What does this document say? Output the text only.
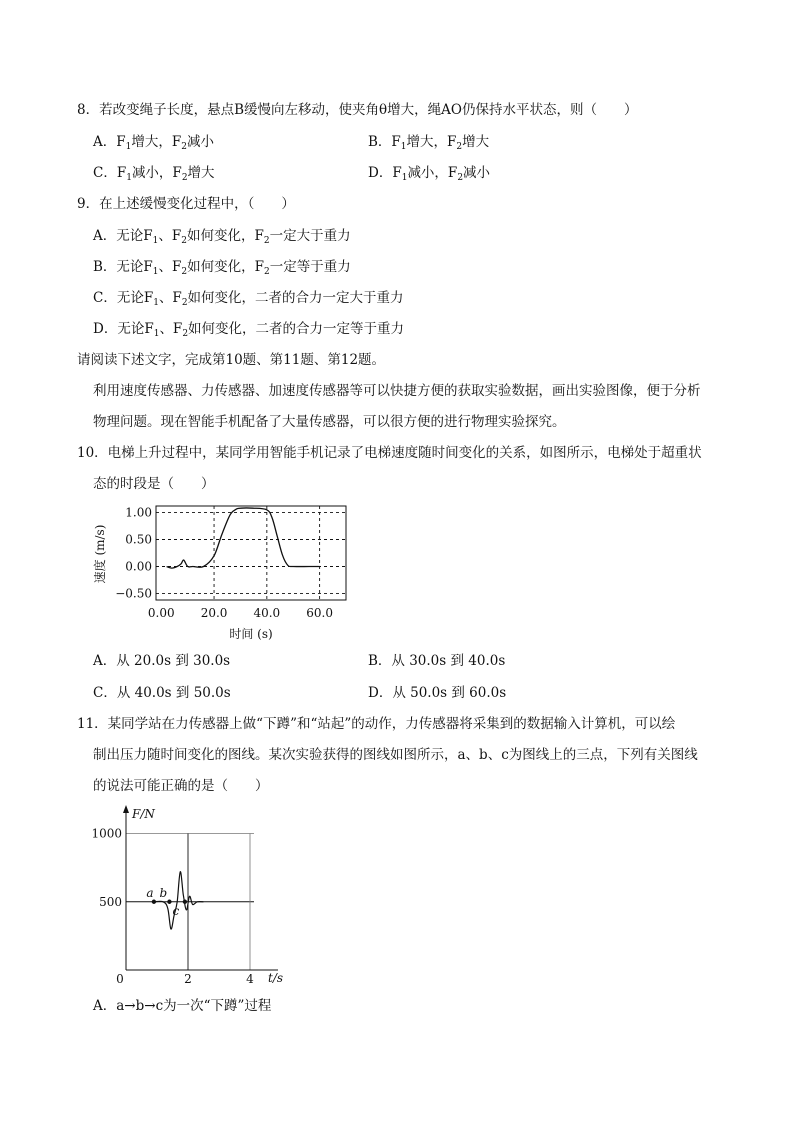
8．若改变绳子长度，悬点B缓慢向左移动，使夹角θ增大，绳AO仍保持水平状态，则（　　）
A．$F_1$增大，$F_2$减小	B．$F_1$增大，$F_2$增大
C．$F_1$减小，$F_2$增大	D．$F_1$减小，$F_2$减小
9．在上述缓慢变化过程中，（　　）
A．无论$F_1$、$F_2$如何变化，$F_2$一定大于重力
B．无论$F_1$、$F_2$如何变化，$F_2$一定等于重力
C．无论$F_1$、$F_2$如何变化，二者的合力一定大于重力
D．无论$F_1$、$F_2$如何变化，二者的合力一定等于重力
请阅读下述文字，完成第10题、第11题、第12题。
利用速度传感器、力传感器、加速度传感器等可以快捷方便的获取实验数据，画出实验图像，便于分析
物理问题。现在智能手机配备了大量传感器，可以很方便的进行物理实验探究。
10．电梯上升过程中，某同学用智能手机记录了电梯速度随时间变化的关系，如图所示，电梯处于超重状
态的时段是（　　）
1.00
0.50
0.00
−0.50
0.00 20.0 40.0 60.0
速度 (m/s)
时间 (s)
A．从 20.0s 到 30.0s	B．从 30.0s 到 40.0s
C．从 40.0s 到 50.0s	D．从 50.0s 到 60.0s
11．某同学站在力传感器上做“下蹲”和“站起”的动作，力传感器将采集到的数据输入计算机，可以绘
制出压力随时间变化的图线。某次实验获得的图线如图所示，a、b、c为图线上的三点，下列有关图线
的说法可能正确的是（　　）
1000
500
0	2	4
a b
c
F/N
t/s
A．a→b→c为一次“下蹲”过程
